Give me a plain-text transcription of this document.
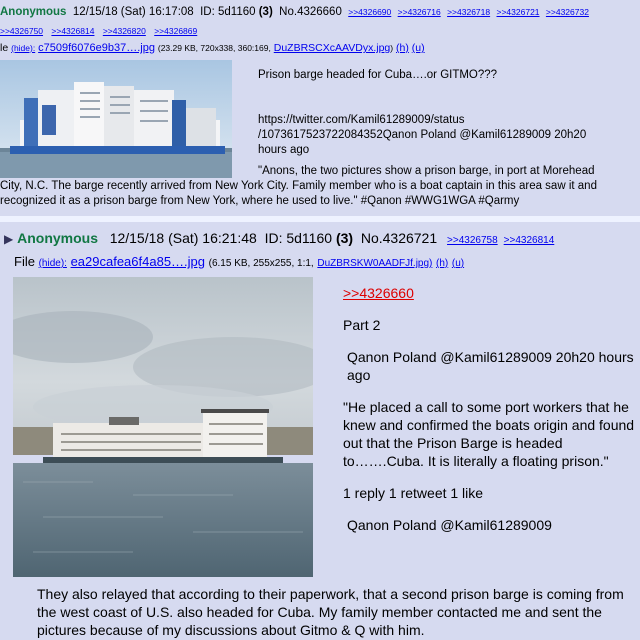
Anonymous 12/15/18 (Sat) 16:17:08 ID: 5d1160 (3) No.4326660 >>4326690 >>4326716 >>4326718 >>4326721 >>4326732
>>4326750 >>4326814 >>4326820 >>4326869
le (hide): c7509f6076e9b37….jpg (23.29 KB, 720x338, 360:169, DuZBRSCXcAAVDyx.jpg) (h) (u)

Prison barge headed for Cuba….or GITMO???

https://twitter.com/Kamil61289009/status
/1073617523722084352Qanon Poland @Kamil61289009 20h20
hours ago
"Anons, the two pictures show a prison barge, in port at Morehead
City, N.C. The barge recently arrived from New York City. Family member who is a boat captain in this area saw it and recognized it as a prison barge from New York, where he used to live." #Qanon #WWG1WGA #Qarmy
▶ Anonymous 12/15/18 (Sat) 16:21:48 ID: 5d1160 (3) No.4326721 >>4326758 >>4326814
File (hide): ea29cafea6f4a85….jpg (6.15 KB, 255x255, 1:1, DuZBRSKW0AADFJf.jpg) (h) (u)

>>4326660

Part 2

Qanon Poland @Kamil61289009 20h20 hours ago

"He placed a call to some port workers that he knew and confirmed the boats origin and found out that the Prison Barge is headed to…….Cuba. It is literally a floating prison."

1 reply 1 retweet 1 like

Qanon Poland @Kamil61289009

They also relayed that according to their paperwork, that a second prison barge is coming from the west coast of U.S. also headed for Cuba. My family member contacted me and sent the pictures because of my discussions about Gitmo & Q with him.
